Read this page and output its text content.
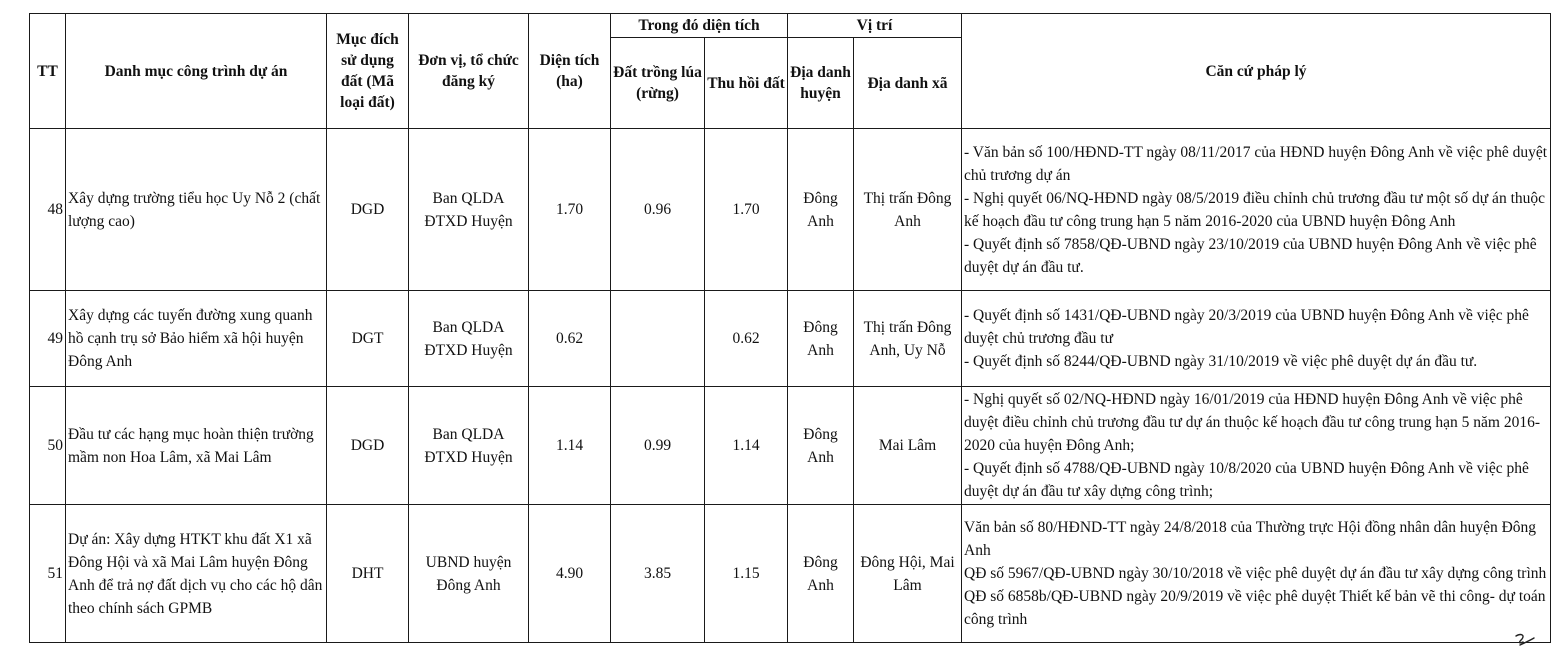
TT	Danh mục công trình dự án	Mục đích sử dụng đất (Mã loại đất)	Đơn vị, tổ chức đăng ký	Diện tích (ha)	Trong đó diện tích		Vị trí		Căn cứ pháp lý
					Đất trồng lúa (rừng)	Thu hồi đất	Địa danh huyện	Địa danh xã	
48	Xây dựng trường tiểu học Uy Nỗ 2 (chất lượng cao)	DGD	Ban QLDA ĐTXD Huyện	1.70	0.96	1.70	Đông Anh	Thị trấn Đông Anh	- Văn bản số 100/HĐND-TT ngày 08/11/2017 của HĐND huyện Đông Anh về việc phê duyệt chủ trương dự án
- Nghị quyết 06/NQ-HĐND ngày 08/5/2019 điều chỉnh chủ trương đầu tư một số dự án thuộc kế hoạch đầu tư công trung hạn 5 năm 2016-2020 của UBND huyện Đông Anh
- Quyết định số 7858/QĐ-UBND ngày 23/10/2019 của UBND huyện Đông Anh về việc phê duyệt dự án đầu tư.

49	Xây dựng các tuyến đường xung quanh hồ cạnh trụ sở Bảo hiểm xã hội huyện Đông Anh	DGT	Ban QLDA ĐTXD Huyện	0.62		0.62	Đông Anh	Thị trấn Đông Anh, Uy Nỗ	- Quyết định số 1431/QĐ-UBND ngày 20/3/2019 của UBND huyện Đông Anh về việc phê duyệt chủ trương đầu tư
- Quyết định số 8244/QĐ-UBND ngày 31/10/2019 về việc phê duyệt dự án đầu tư.

50	Đầu tư các hạng mục hoàn thiện trường mầm non Hoa Lâm, xã Mai Lâm	DGD	Ban QLDA ĐTXD Huyện	1.14	0.99	1.14	Đông Anh	Mai Lâm	- Nghị quyết số 02/NQ-HĐND ngày 16/01/2019 của HĐND huyện Đông Anh về việc phê duyệt điều chỉnh chủ trương đầu tư dự án thuộc kế hoạch đầu tư công trung hạn 5 năm 2016-2020 của huyện Đông Anh;
- Quyết định số 4788/QĐ-UBND ngày 10/8/2020 của UBND huyện Đông Anh về việc phê duyệt dự án đầu tư xây dựng công trình;

51	Dự án: Xây dựng HTKT khu đất X1 xã Đông Hội và xã Mai Lâm huyện Đông Anh để trả nợ đất dịch vụ cho các hộ dân theo chính sách GPMB	DHT	UBND huyện Đông Anh	4.90	3.85	1.15	Đông Anh	Đông Hội, Mai Lâm	Văn bản số 80/HĐND-TT ngày 24/8/2018 của Thường trực Hội đồng nhân dân huyện Đông Anh
QĐ số 5967/QĐ-UBND ngày 30/10/2018 về việc phê duyệt dự án đầu tư xây dựng công trình
QĐ số 6858b/QĐ-UBND ngày 20/9/2019 về việc phê duyệt Thiết kế bản vẽ thi công- dự toán công trình
